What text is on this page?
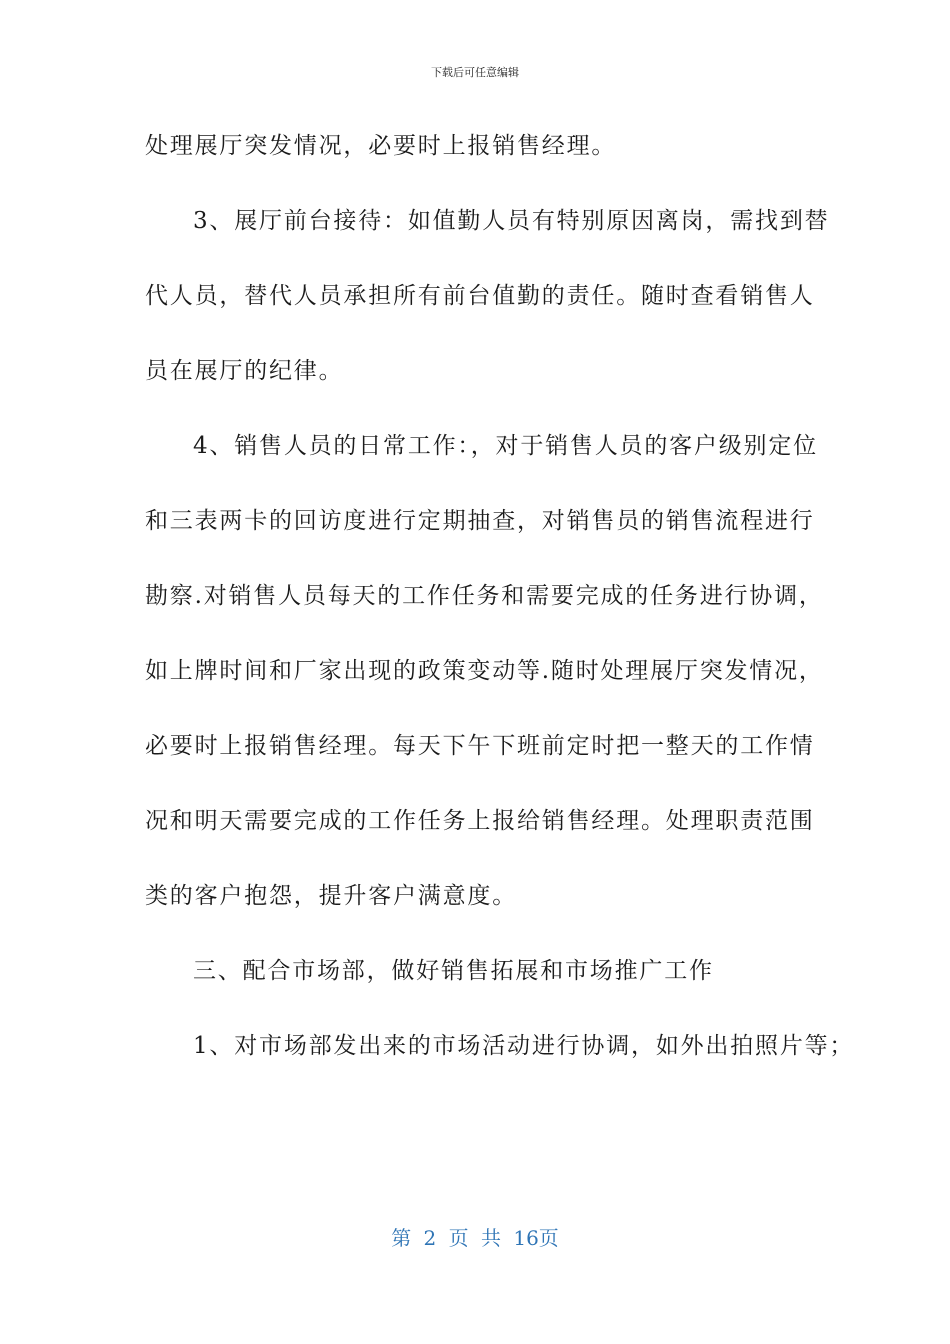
下载后可任意编辑
处理展厅突发情况，必要时上报销售经理。
3、展厅前台接待：如值勤人员有特别原因离岗，需找到替
代人员，替代人员承担所有前台值勤的责任。随时查看销售人
员在展厅的纪律。
4、销售人员的日常工作：，对于销售人员的客户级别定位
和三表两卡的回访度进行定期抽查，对销售员的销售流程进行
勘察.对销售人员每天的工作任务和需要完成的任务进行协调，
如上牌时间和厂家出现的政策变动等.随时处理展厅突发情况，
必要时上报销售经理。每天下午下班前定时把一整天的工作情
况和明天需要完成的工作任务上报给销售经理。处理职责范围
类的客户抱怨，提升客户满意度。
三、配合市场部，做好销售拓展和市场推广工作
1、对市场部发出来的市场活动进行协调，如外出拍照片等；
第 2 页 共 16页
